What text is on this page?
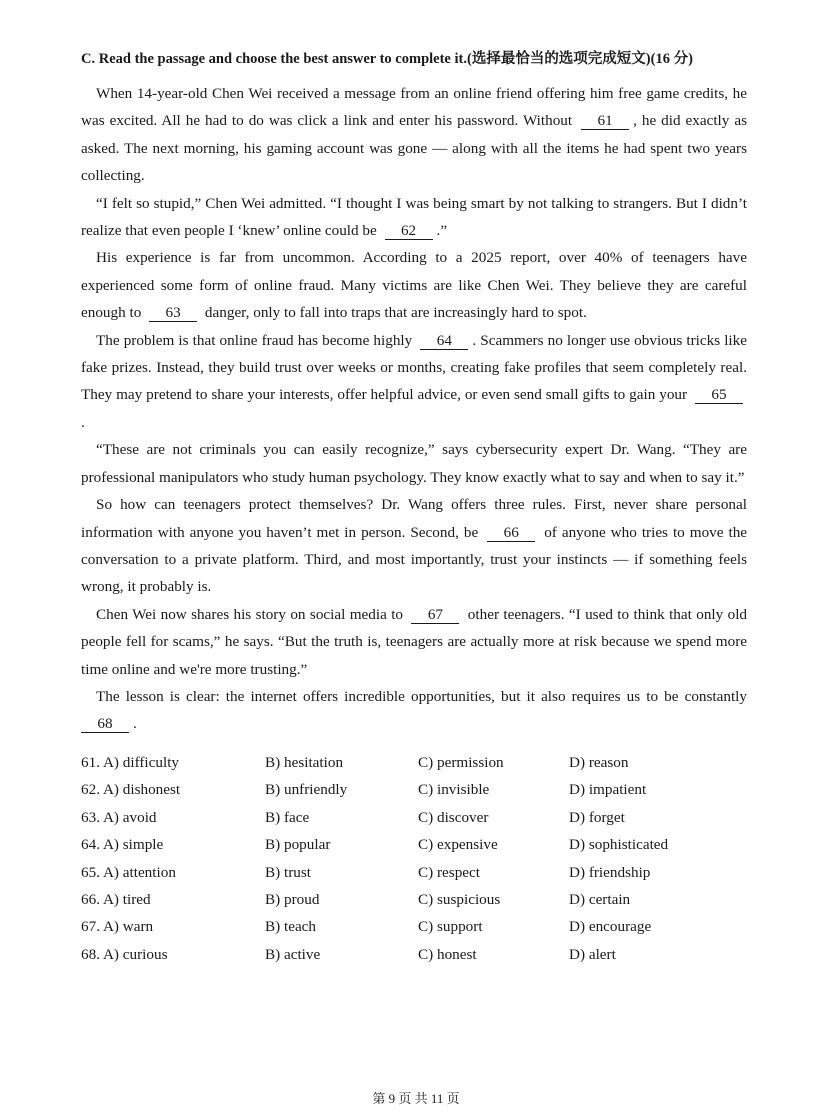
C. Read the passage and choose the best answer to complete it.(选择最恰当的选项完成短文)(16 分)

When 14-year-old Chen Wei received a message from an online friend offering him free game credits, he was excited. All he had to do was click a link and enter his password. Without 61 , he did exactly as asked. The next morning, his gaming account was gone — along with all the items he had spent two years collecting.

“I felt so stupid,” Chen Wei admitted. “I thought I was being smart by not talking to strangers. But I didn’t realize that even people I ‘knew’ online could be 62 .”

His experience is far from uncommon. According to a 2025 report, over 40% of teenagers have experienced some form of online fraud. Many victims are like Chen Wei. They believe they are careful enough to 63 danger, only to fall into traps that are increasingly hard to spot.

The problem is that online fraud has become highly 64 . Scammers no longer use obvious tricks like fake prizes. Instead, they build trust over weeks or months, creating fake profiles that seem completely real. They may pretend to share your interests, offer helpful advice, or even send small gifts to gain your 65.

“These are not criminals you can easily recognize,” says cybersecurity expert Dr. Wang. “They are professional manipulators who study human psychology. They know exactly what to say and when to say it.”

So how can teenagers protect themselves? Dr. Wang offers three rules. First, never share personal information with anyone you haven’t met in person. Second, be 66 of anyone who tries to move the conversation to a private platform. Third, and most importantly, trust your instincts — if something feels wrong, it probably is.

Chen Wei now shares his story on social media to 67 other teenagers. “I used to think that only old people fell for scams,” he says. “But the truth is, teenagers are actually more at risk because we spend more time online and we're more trusting.”

The lesson is clear: the internet offers incredible opportunities, but it also requires us to be constantly 68 .

61. A) difficulty	B) hesitation	C) permission	D) reason
62. A) dishonest	B) unfriendly	C) invisible	D) impatient
63. A) avoid	B) face	C) discover	D) forget
64. A) simple	B) popular	C) expensive	D) sophisticated
65. A) attention	B) trust	C) respect	D) friendship
66. A) tired	B) proud	C) suspicious	D) certain
67. A) warn	B) teach	C) support	D) encourage
68. A) curious	B) active	C) honest	D) alert
第 9 页 共 11 页
